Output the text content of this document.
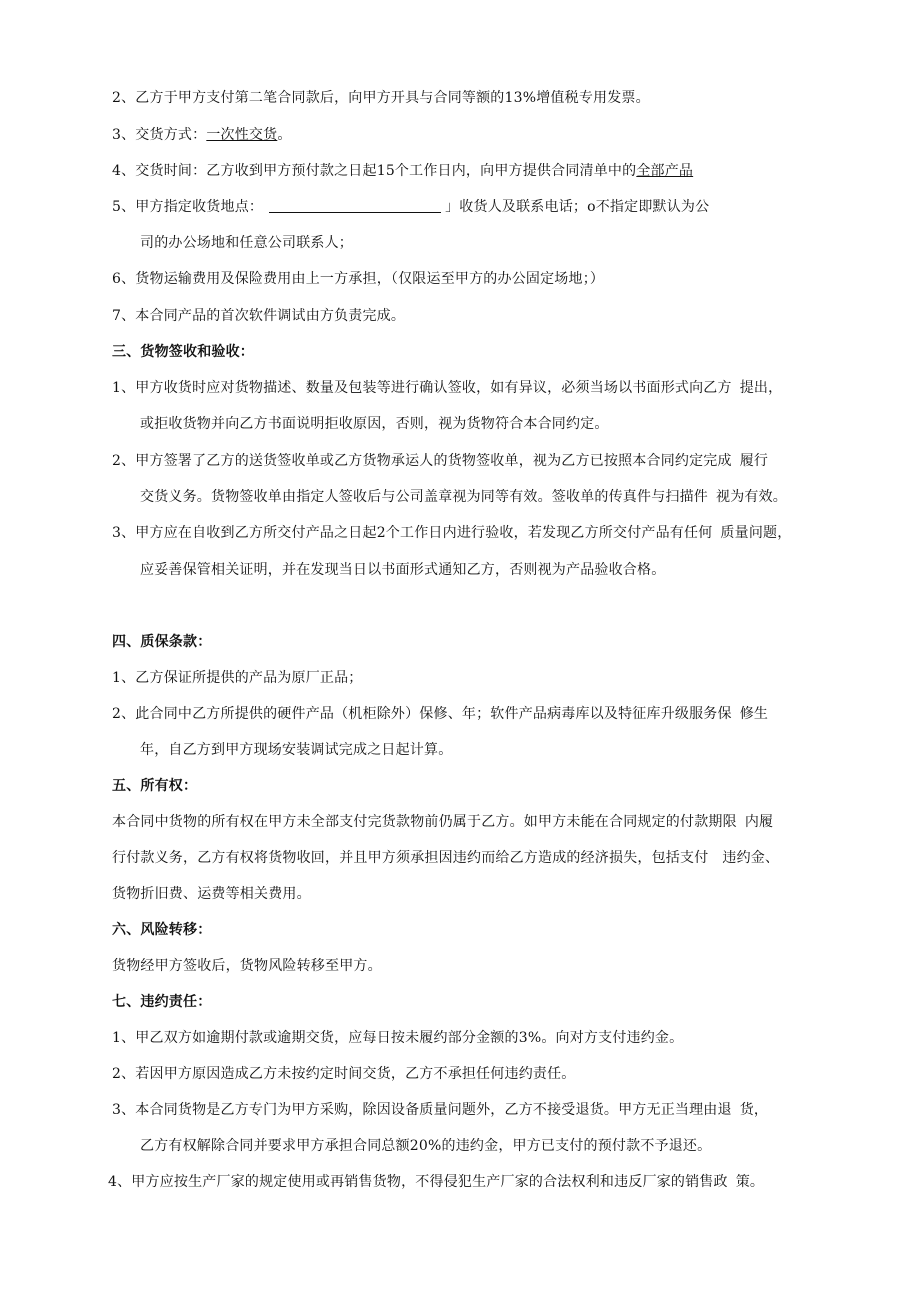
2、乙方于甲方支付第二笔合同款后，向甲方开具与合同等额的13%增值税专用发票。
3、交货方式：一次性交货。
4、交货时间：乙方收到甲方预付款之日起15个工作日内，向甲方提供合同清单中的全部产品
5、甲方指定收货地点：	」收货人及联系电话；o不指定即默认为公
司的办公场地和任意公司联系人；
6、货物运输费用及保险费用由上一方承担，（仅限运至甲方的办公固定场地；）
7、本合同产品的首次软件调试由方负责完成。
三、货物签收和验收：
1、甲方收货时应对货物描述、数量及包装等进行确认签收，如有异议，必须当场以书面形式向乙方 提出，
或拒收货物并向乙方书面说明拒收原因，否则，视为货物符合本合同约定。
2、甲方签署了乙方的送货签收单或乙方货物承运人的货物签收单，视为乙方已按照本合同约定完成 履行
交货义务。货物签收单由指定人签收后与公司盖章视为同等有效。签收单的传真件与扫描件 视为有效。
3、甲方应在自收到乙方所交付产品之日起2个工作日内进行验收，若发现乙方所交付产品有任何 质量问题，
应妥善保管相关证明，并在发现当日以书面形式通知乙方，否则视为产品验收合格。
四、质保条款：
1、乙方保证所提供的产品为原厂正品；
2、此合同中乙方所提供的硬件产品（机柜除外）保修、年；软件产品病毒库以及特征库升级服务保 修生
年，自乙方到甲方现场安装调试完成之日起计算。
五、所有权：
本合同中货物的所有权在甲方未全部支付完货款物前仍属于乙方。如甲方未能在合同规定的付款期限 内履
行付款义务，乙方有权将货物收回，并且甲方须承担因违约而给乙方造成的经济损失，包括支付 违约金、
货物折旧费、运费等相关费用。
六、风险转移：
货物经甲方签收后，货物风险转移至甲方。
七、违约责任：
1、甲乙双方如逾期付款或逾期交货，应每日按未履约部分金额的3%。向对方支付违约金。
2、若因甲方原因造成乙方未按约定时间交货，乙方不承担任何违约责任。
3、本合同货物是乙方专门为甲方采购，除因设备质量问题外，乙方不接受退货。甲方无正当理由退 货，
乙方有权解除合同并要求甲方承担合同总额20%的违约金，甲方已支付的预付款不予退还。
4、甲方应按生产厂家的规定使用或再销售货物，不得侵犯生产厂家的合法权利和违反厂家的销售政 策。
